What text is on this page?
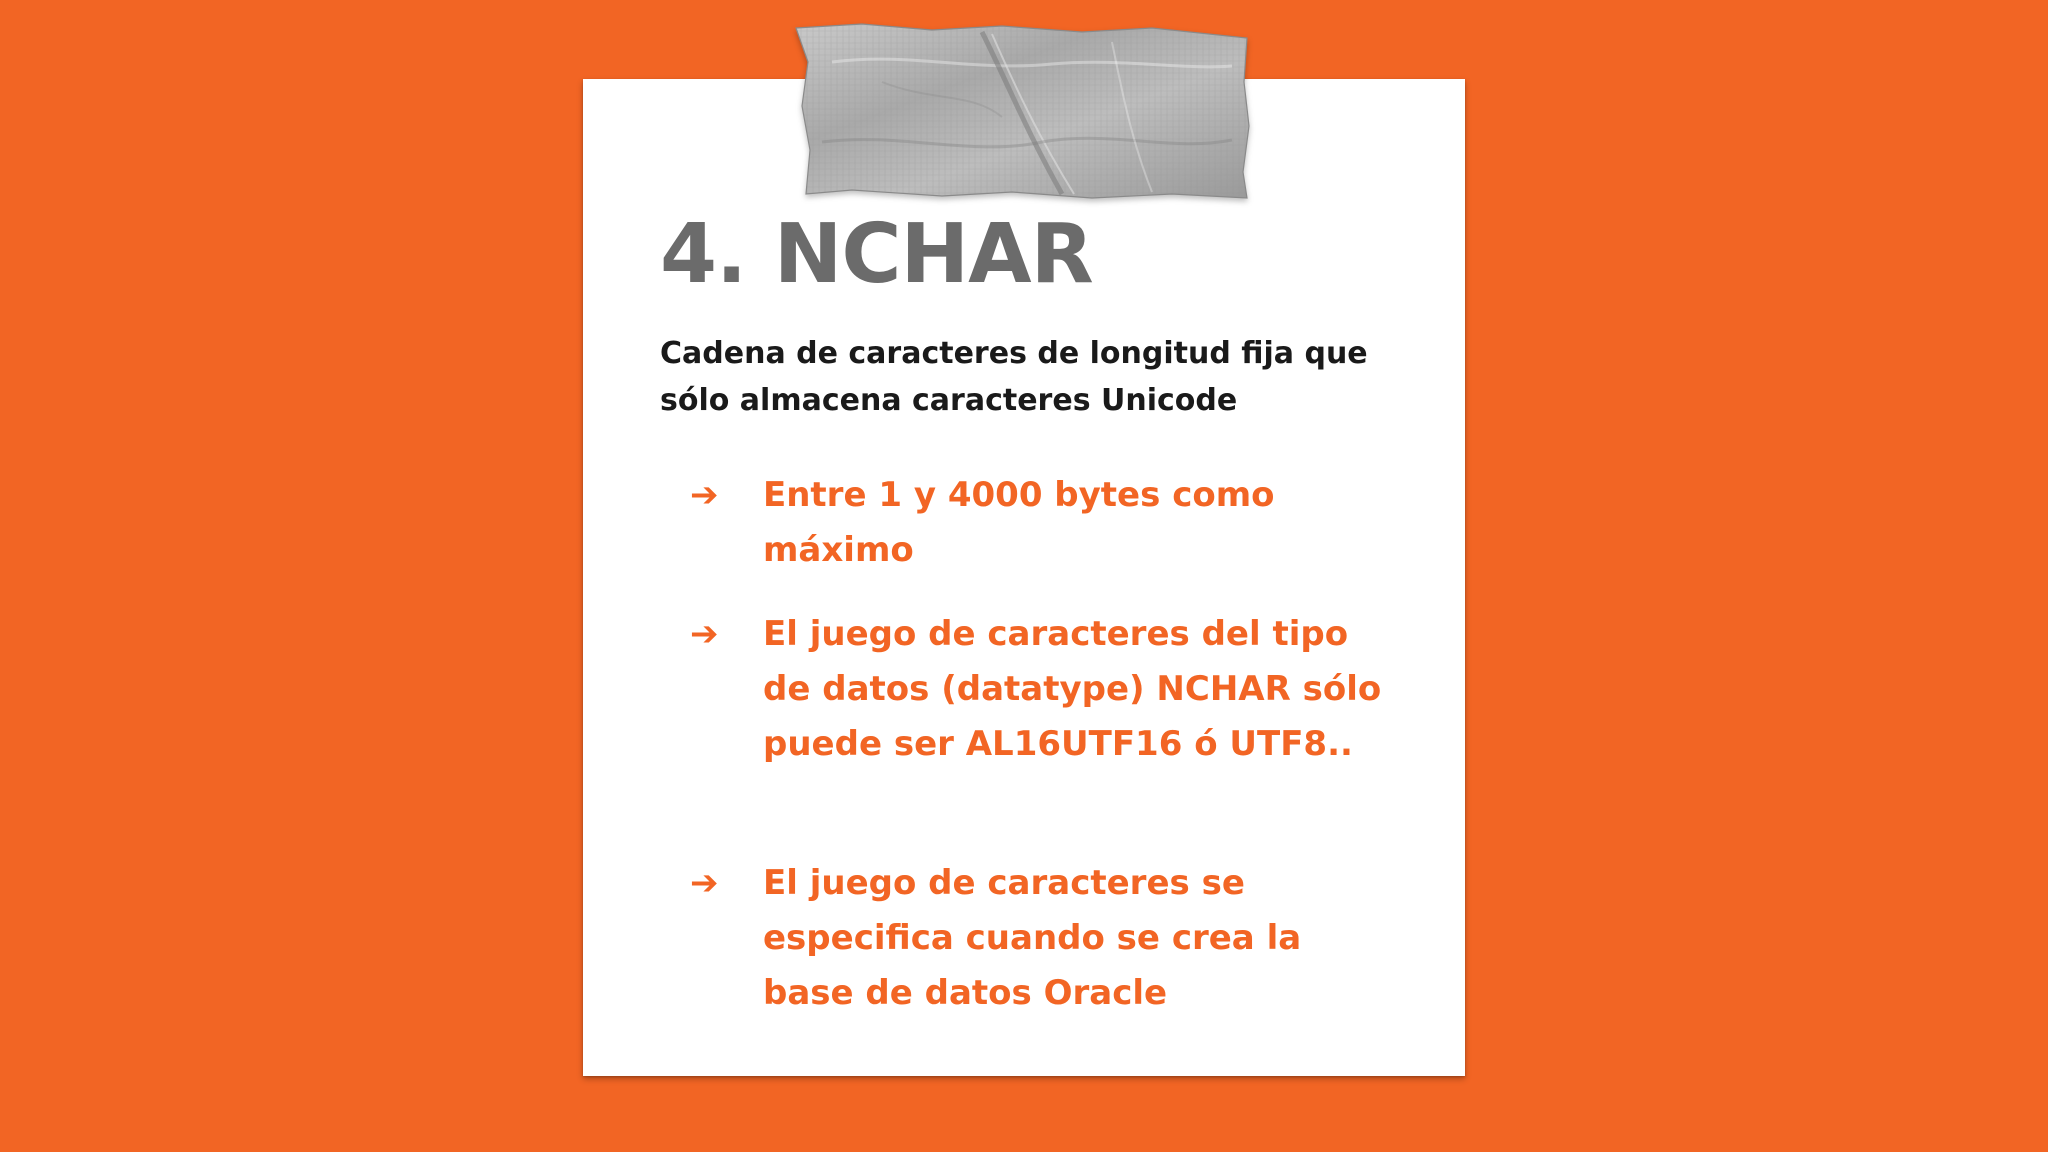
4. NCHAR

Cadena de caracteres de longitud fija que sólo almacena caracteres Unicode

➔ Entre 1 y 4000 bytes como máximo
➔ El juego de caracteres del tipo de datos (datatype) NCHAR sólo puede ser AL16UTF16 ó UTF8..
➔ El juego de caracteres se especifica cuando se crea la base de datos Oracle
